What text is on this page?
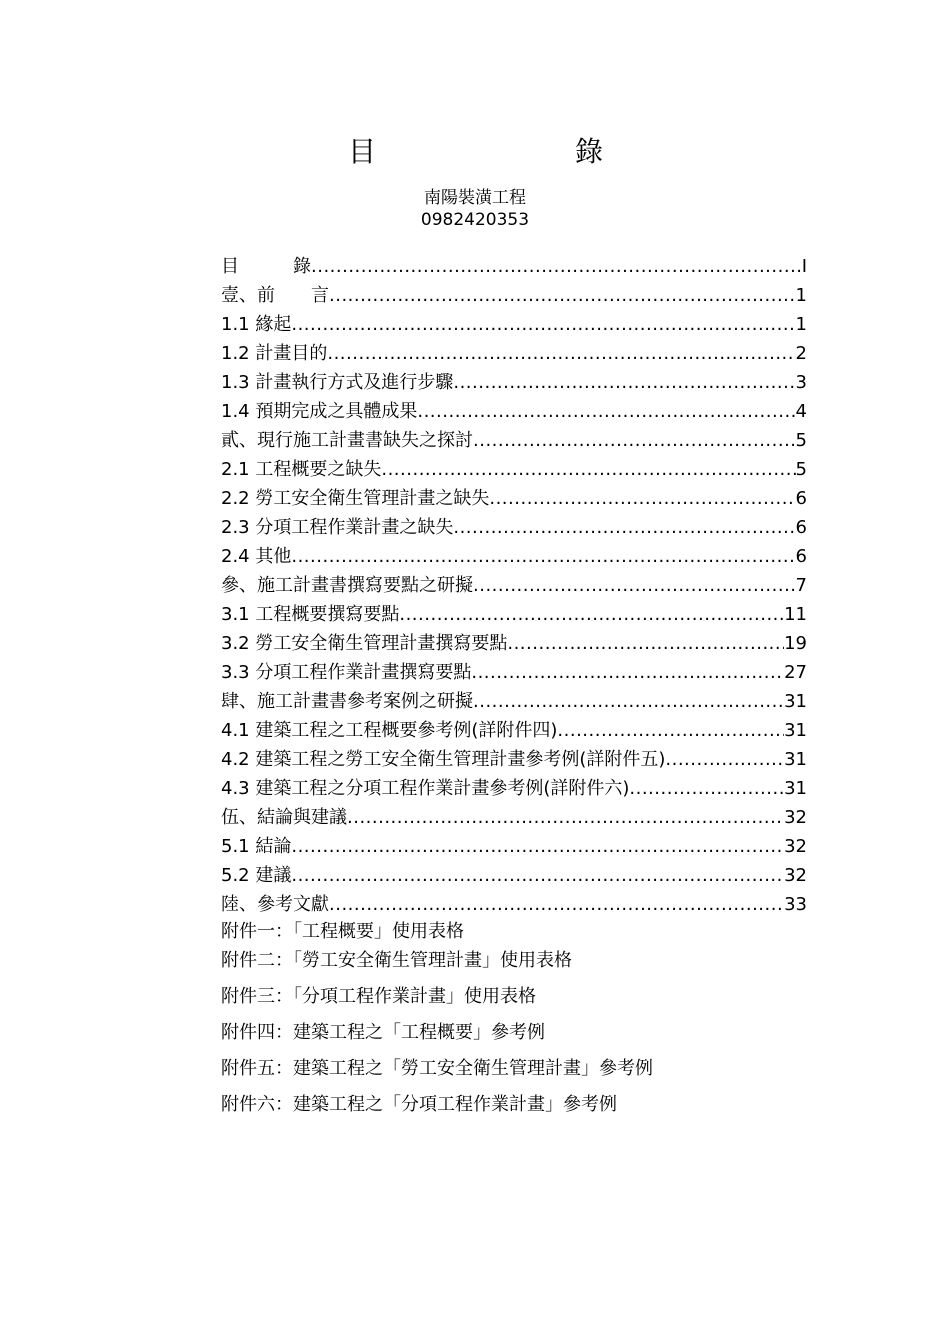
目	錄
南陽裝潢工程
0982420353
目　　　錄 .....	I
壹、前　　言 .....	1
1.1 緣起 .....	1
1.2 計畫目的 .....	2
1.3 計畫執行方式及進行步驟 .....	3
1.4 預期完成之具體成果 .....	4
貳、現行施工計畫書缺失之探討 .....	5
2.1 工程概要之缺失 .....	5
2.2 勞工安全衛生管理計畫之缺失 .....	6
2.3 分項工程作業計畫之缺失 .....	6
2.4 其他 .....	6
參、施工計畫書撰寫要點之研擬 .....	7
3.1 工程概要撰寫要點 .....	11
3.2 勞工安全衛生管理計畫撰寫要點 .....	19
3.3 分項工程作業計畫撰寫要點 .....	27
肆、施工計畫書參考案例之研擬 .....	31
4.1 建築工程之工程概要參考例(詳附件四) .....	31
4.2 建築工程之勞工安全衛生管理計畫參考例(詳附件五) .....	31
4.3 建築工程之分項工程作業計畫參考例(詳附件六) .....	31
伍、結論與建議 .....	32
5.1 結論 .....	32
5.2 建議 .....	32
陸、參考文獻 .....	33
附件一：「工程概要」使用表格
附件二：「勞工安全衛生管理計畫」使用表格
附件三：「分項工程作業計畫」使用表格
附件四：建築工程之「工程概要」參考例
附件五：建築工程之「勞工安全衛生管理計畫」參考例
附件六：建築工程之「分項工程作業計畫」參考例
